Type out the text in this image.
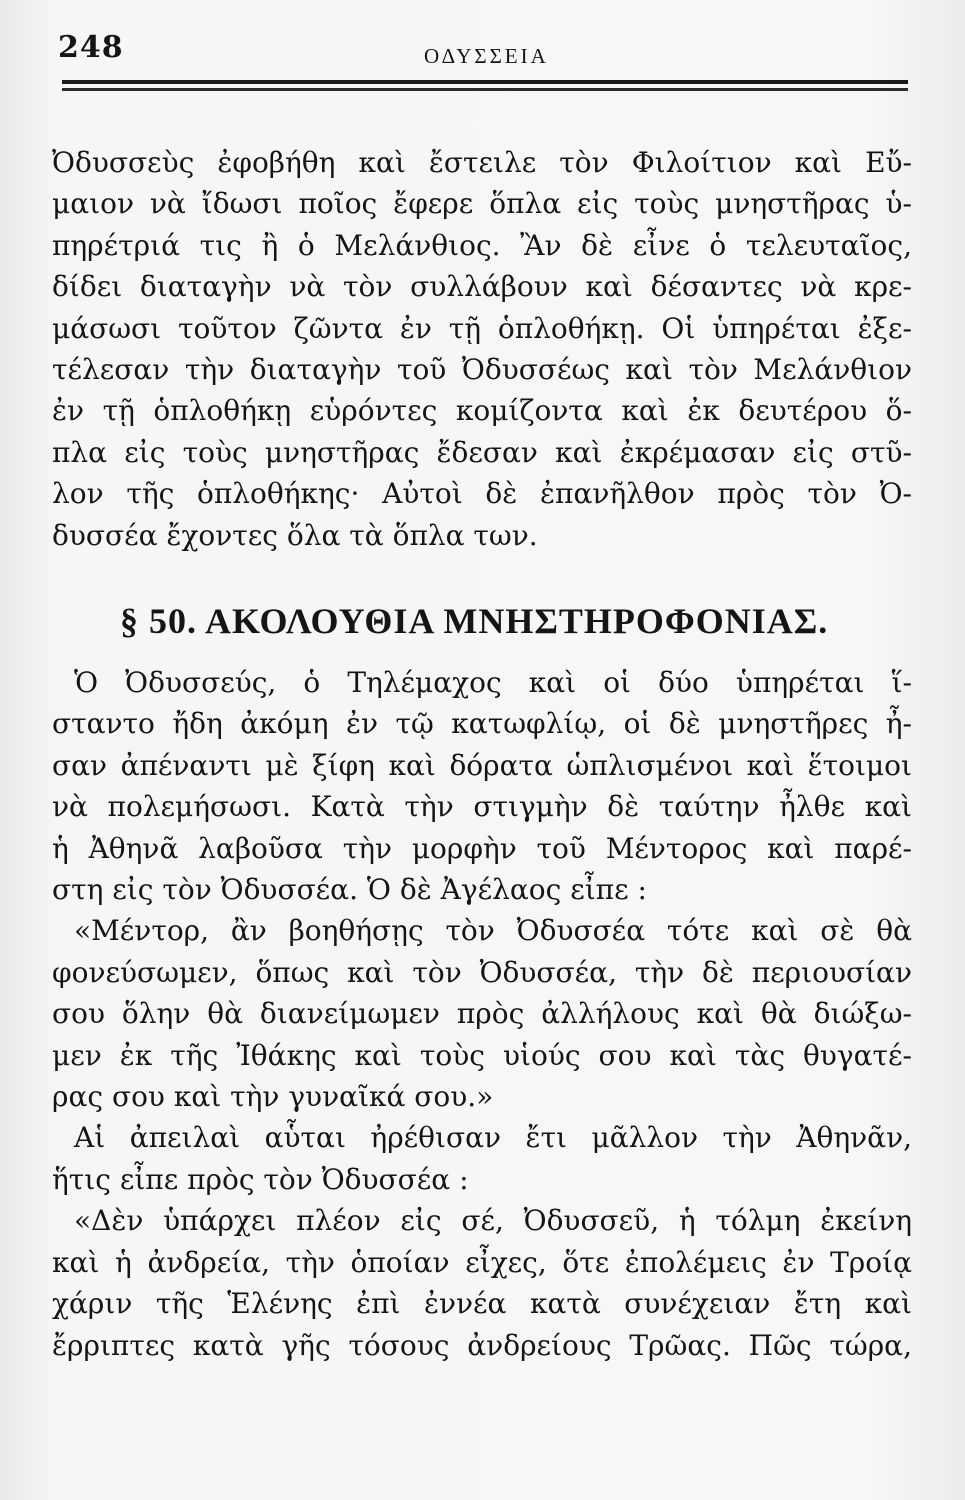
248	ΟΔΥΣΣΕΙΑ
Ὀδυσσεὺς ἐφοβήθη καὶ ἔστειλε τὸν Φιλοίτιον καὶ Εὔ-
μαιον νὰ ἴδωσι ποῖος ἔφερε ὅπλα εἰς τοὺς μνηστῆρας ὑ-
πηρέτριά τις ἢ ὁ Μελάνθιος. Ἂν δὲ εἶνε ὁ τελευταῖος,
δίδει διαταγὴν νὰ τὸν συλλάβουν καὶ δέσαντες νὰ κρε-
μάσωσι τοῦτον ζῶντα ἐν τῇ ὁπλοθήκῃ. Οἱ ὑπηρέται ἐξε-
τέλεσαν τὴν διαταγὴν τοῦ Ὀδυσσέως καὶ τὸν Μελάνθιον
ἐν τῇ ὁπλοθήκῃ εὑρόντες κομίζοντα καὶ ἐκ δευτέρου ὅ-
πλα εἰς τοὺς μνηστῆρας ἔδεσαν καὶ ἐκρέμασαν εἰς στῦ-
λον τῆς ὁπλοθήκης· Αὐτοὶ δὲ ἐπανῆλθον πρὸς τὸν Ὀ-
δυσσέα ἔχοντες ὅλα τὰ ὅπλα των.
§ 50. ΑΚΟΛΟΥΘΙΑ ΜΝΗΣΤΗΡΟΦΟΝΙΑΣ.
Ὁ Ὀδυσσεύς, ὁ Τηλέμαχος καὶ οἱ δύο ὑπηρέται ἵ-
σταντο ἤδη ἀκόμη ἐν τῷ κατωφλίῳ, οἱ δὲ μνηστῆρες ἦ-
σαν ἀπέναντι μὲ ξίφη καὶ δόρατα ὡπλισμένοι καὶ ἕτοιμοι
νὰ πολεμήσωσι. Κατὰ τὴν στιγμὴν δὲ ταύτην ἦλθε καὶ
ἡ Ἀθηνᾶ λαβοῦσα τὴν μορφὴν τοῦ Μέντορος καὶ παρέ-
στη εἰς τὸν Ὀδυσσέα. Ὁ δὲ Ἀγέλαος εἶπε :
«Μέντορ, ἂν βοηθήσῃς τὸν Ὀδυσσέα τότε καὶ σὲ θὰ
φονεύσωμεν, ὅπως καὶ τὸν Ὀδυσσέα, τὴν δὲ περιουσίαν
σου ὅλην θὰ διανείμωμεν πρὸς ἀλλήλους καὶ θὰ διώξω-
μεν ἐκ τῆς Ἰθάκης καὶ τοὺς υἱούς σου καὶ τὰς θυγατέ-
ρας σου καὶ τὴν γυναῖκά σου.»
Αἱ ἀπειλαὶ αὗται ἠρέθισαν ἔτι μᾶλλον τὴν Ἀθηνᾶν,
ἥτις εἶπε πρὸς τὸν Ὀδυσσέα :
«Δὲν ὑπάρχει πλέον εἰς σέ, Ὀδυσσεῦ, ἡ τόλμη ἐκείνη
καὶ ἡ ἀνδρεία, τὴν ὁποίαν εἶχες, ὅτε ἐπολέμεις ἐν Τροίᾳ
χάριν τῆς Ἑλένης ἐπὶ ἐννέα κατὰ συνέχειαν ἔτη καὶ
ἔρριπτες κατὰ γῆς τόσους ἀνδρείους Τρῶας. Πῶς τώρα,
